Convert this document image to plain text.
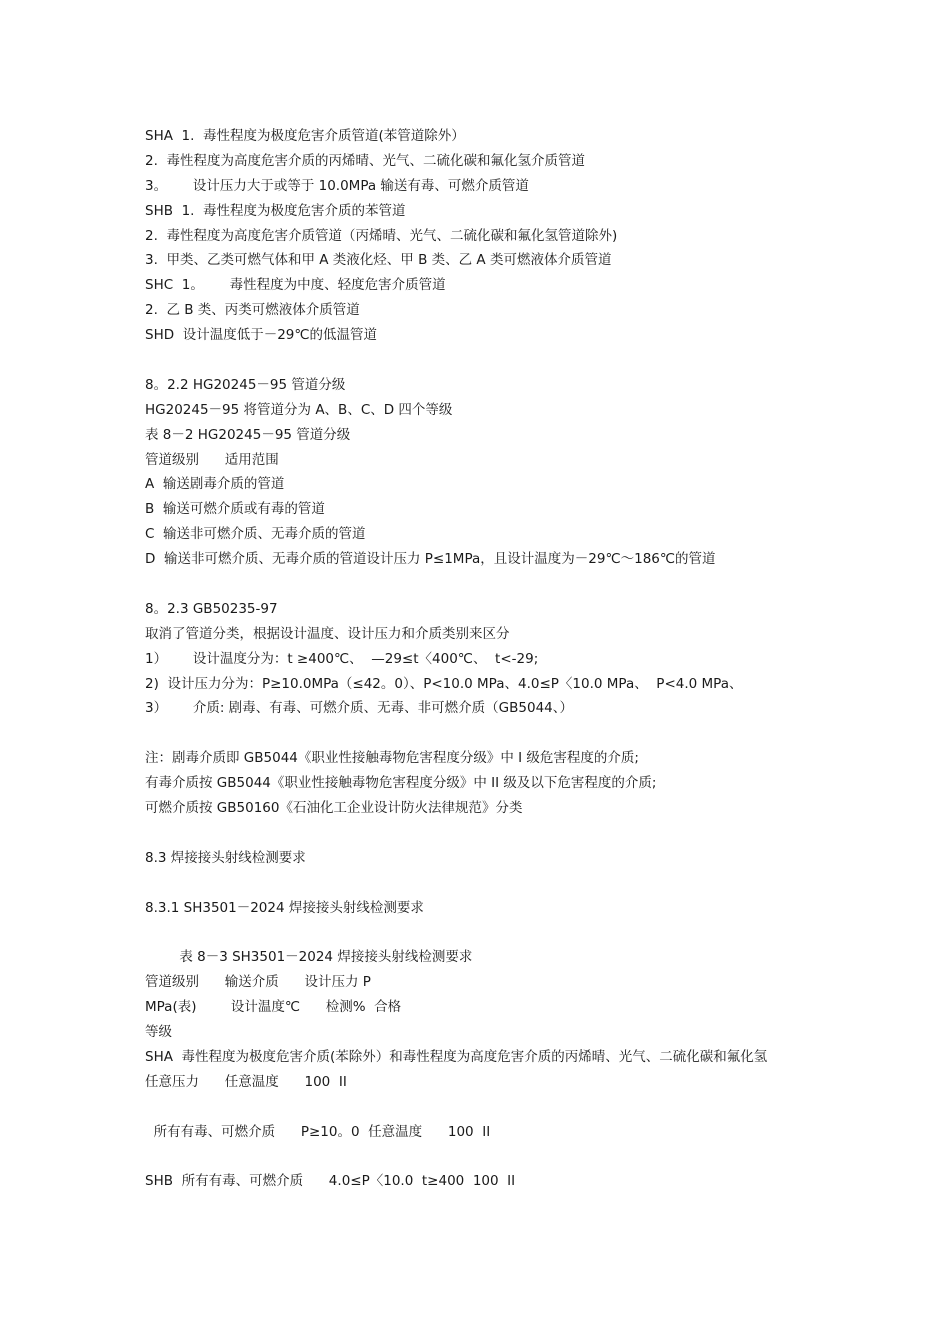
SHA  1.  毒性程度为极度危害介质管道(苯管道除外）
2.  毒性程度为高度危害介质的丙烯晴、光气、二硫化碳和氟化氢介质管道
3。      设计压力大于或等于 10.0MPa 输送有毒、可燃介质管道
SHB  1.  毒性程度为极度危害介质的苯管道
2.  毒性程度为高度危害介质管道（丙烯晴、光气、二硫化碳和氟化氢管道除外)
3.  甲类、乙类可燃气体和甲 A 类液化烃、甲 B 类、乙 A 类可燃液体介质管道
SHC  1。      毒性程度为中度、轻度危害介质管道
2.  乙 B 类、丙类可燃液体介质管道
SHD  设计温度低于－29℃的低温管道
8。2.2 HG20245－95 管道分级
HG20245－95 将管道分为 A、B、C、D 四个等级
表 8－2 HG20245－95 管道分级
管道级别      适用范围
A  输送剧毒介质的管道
B  输送可燃介质或有毒的管道
C  输送非可燃介质、无毒介质的管道
D  输送非可燃介质、无毒介质的管道设计压力 P≤1MPa，且设计温度为－29℃～186℃的管道
8。2.3 GB50235-97
取消了管道分类，根据设计温度、设计压力和介质类别来区分
1）      设计温度分为：t ≥400℃、  —29≤t〈400℃、  t<-29;
2)  设计压力分为：P≥10.0MPa（≤42。0）、P<10.0 MPa、4.0≤P〈10.0 MPa、  P<4.0 MPa、
3）      介质: 剧毒、有毒、可燃介质、无毒、非可燃介质（GB5044、）
注：剧毒介质即 GB5044《职业性接触毒物危害程度分级》中 I 级危害程度的介质;
有毒介质按 GB5044《职业性接触毒物危害程度分级》中 II 级及以下危害程度的介质;
可燃介质按 GB50160《石油化工企业设计防火法律规范》分类
8.3 焊接接头射线检测要求
8.3.1 SH3501－2024 焊接接头射线检测要求
表 8－3 SH3501－2024 焊接接头射线检测要求
管道级别      输送介质      设计压力 P
MPa(表)        设计温度℃      检测%  合格
等级
SHA  毒性程度为极度危害介质(苯除外）和毒性程度为高度危害介质的丙烯晴、光气、二硫化碳和氟化氢
任意压力      任意温度      100  II
所有有毒、可燃介质      P≥10。0  任意温度      100  II
SHB  所有有毒、可燃介质      4.0≤P〈10.0  t≥400  100  II
